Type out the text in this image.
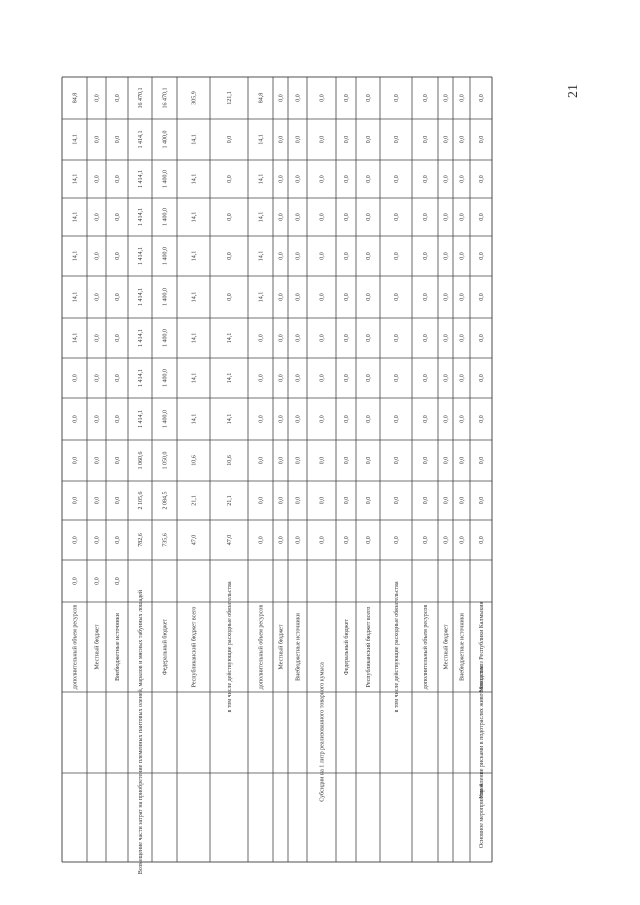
84,8
14,1
14,1
14,1
14,1
14,1
14,1
0,0
0,0
0,0
0,0
0,0
0,0
дополнительный объем ресурсов
0,0
0,0
0,0
0,0
0,0
0,0
0,0
0,0
0,0
0,0
0,0
0,0
0,0
Местный бюджет
0,0
0,0
0,0
0,0
0,0
0,0
0,0
0,0
0,0
0,0
0,0
0,0
0,0
Внебюджетные источники
16 470,1
1 414,1
1 414,1
1 414,1
1 414,1
1 414,1
1 414,1
1 414,1
1 414,1
1 060,6
2 105,6
782,6
Возмещение части затрат на приобретение племенных пантовых оленей, маралов и мясных табунных лошадей
16 470,1
1 400,0
1 400,0
1 400,0
1 400,0
1 400,0
1 400,0
1 400,0
1 400,0
1 050,0
2 084,5
735,6
Федеральный бюджет
305,9
14,1
14,1
14,1
14,1
14,1
14,1
14,1
14,1
10,6
21,1
47,0
Республиканский бюджет всего
121,1
0,0
0,0
0,0
0,0
0,0
14,1
14,1
14,1
10,6
21,1
47,0
в том числе действующие расходные обязательства
84,8
14,1
14,1
14,1
14,1
14,1
0,0
0,0
0,0
0,0
0,0
0,0
дополнительный объем ресурсов
0,0
0,0
0,0
0,0
0,0
0,0
0,0
0,0
0,0
0,0
0,0
0,0
Местный бюджет
0,0
0,0
0,0
0,0
0,0
0,0
0,0
0,0
0,0
0,0
0,0
0,0
Внебюджетные источники
0,0
0,0
0,0
0,0
0,0
0,0
0,0
0,0
0,0
0,0
0,0
0,0
Субсидии на 1 литр реализованного товарного кумыса
0,0
0,0
0,0
0,0
0,0
0,0
0,0
0,0
0,0
0,0
0,0
0,0
Федеральный бюджет
0,0
0,0
0,0
0,0
0,0
0,0
0,0
0,0
0,0
0,0
0,0
0,0
Республиканский бюджет всего
0,0
0,0
0,0
0,0
0,0
0,0
0,0
0,0
0,0
0,0
0,0
0,0
в том числе действующие расходные обязательства
0,0
0,0
0,0
0,0
0,0
0,0
0,0
0,0
0,0
0,0
0,0
0,0
дополнительный объем ресурсов
0,0
0,0
0,0
0,0
0,0
0,0
0,0
0,0
0,0
0,0
0,0
0,0
Местный бюджет
0,0
0,0
0,0
0,0
0,0
0,0
0,0
0,0
0,0
0,0
0,0
0,0
Внебюджетные источники
0,0
0,0
0,0
0,0
0,0
0,0
0,0
0,0
0,0
0,0
0,0
0,0
Минсельхоз Республики Калмыкия
Управление рисками в подотраслях животноводства
Основное мероприятие 4
21
